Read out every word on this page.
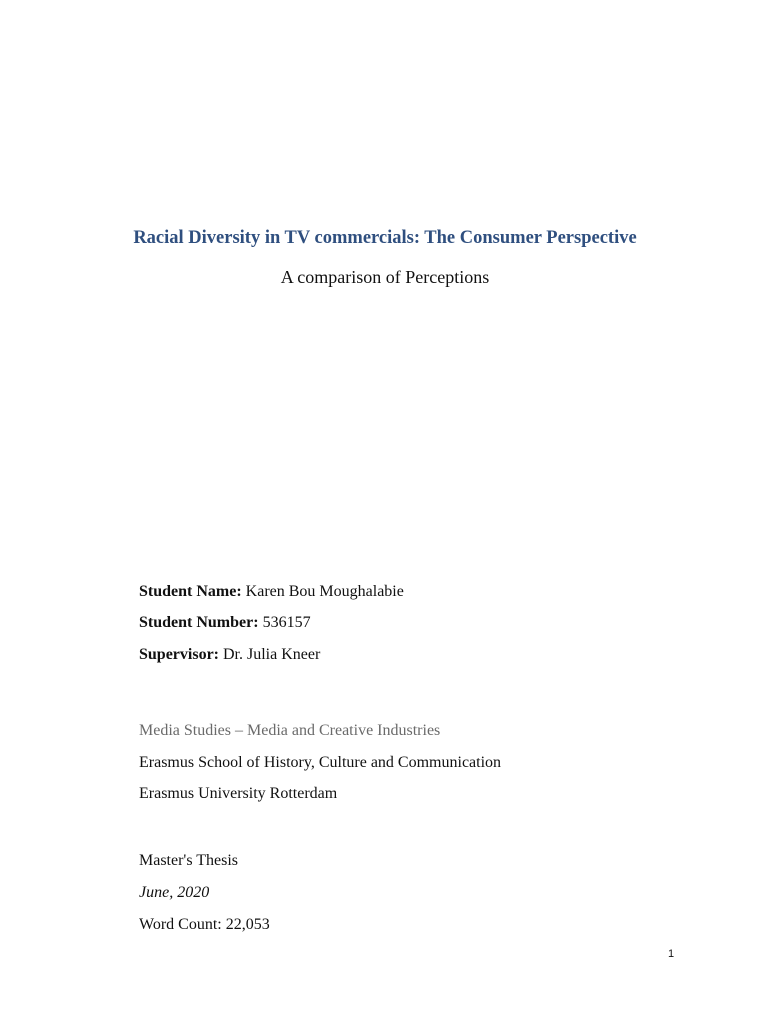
Racial Diversity in TV commercials: The Consumer Perspective
A comparison of Perceptions
Student Name: Karen Bou Moughalabie
Student Number: 536157
Supervisor: Dr. Julia Kneer
Media Studies – Media and Creative Industries
Erasmus School of History, Culture and Communication
Erasmus University Rotterdam
Master's Thesis
June, 2020
Word Count: 22,053
1
